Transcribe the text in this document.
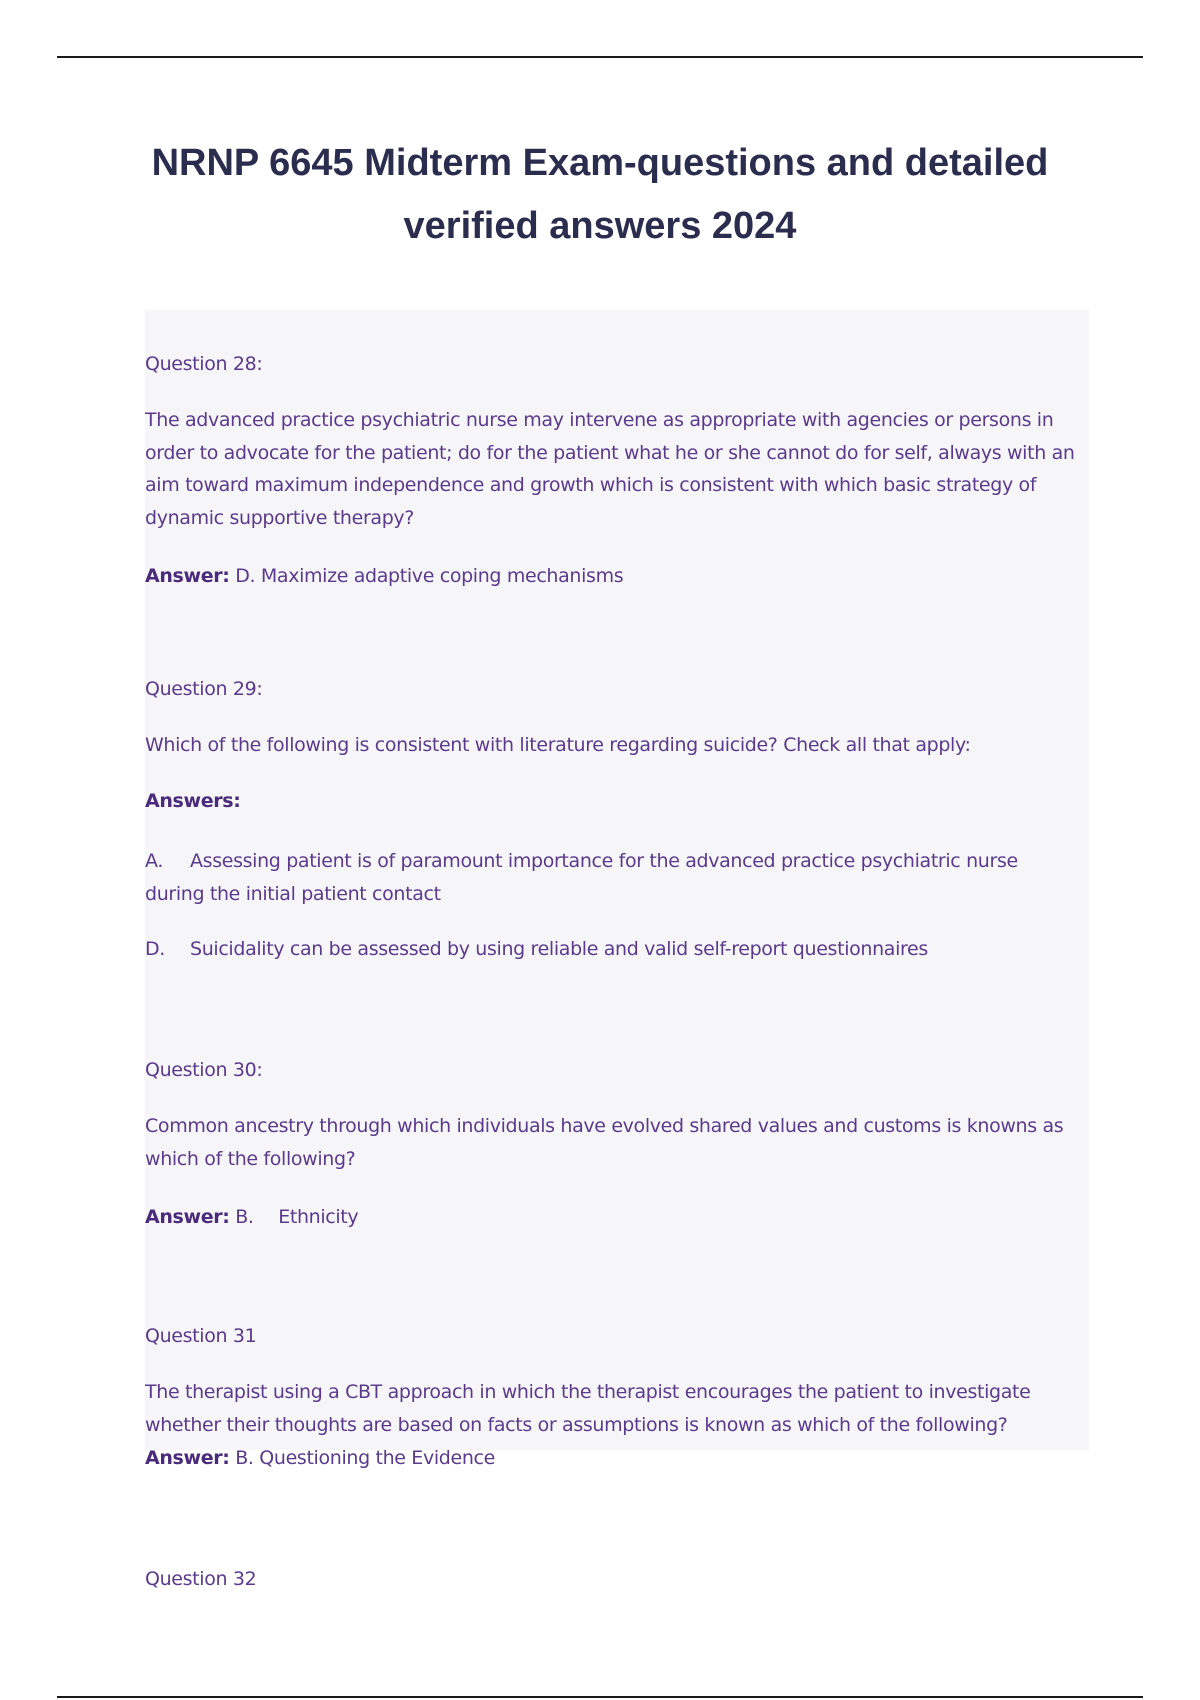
NRNP 6645 Midterm Exam-questions and detailed verified answers 2024

Question 28:

The advanced practice psychiatric nurse may intervene as appropriate with agencies or persons in order to advocate for the patient; do for the patient what he or she cannot do for self, always with an aim toward maximum independence and growth which is consistent with which basic strategy of dynamic supportive therapy?

Answer: D. Maximize adaptive coping mechanisms

Question 29:

Which of the following is consistent with literature regarding suicide? Check all that apply:

Answers:

A. Assessing patient is of paramount importance for the advanced practice psychiatric nurse during the initial patient contact

D. Suicidality can be assessed by using reliable and valid self-report questionnaires

Question 30:

Common ancestry through which individuals have evolved shared values and customs is knowns as which of the following?

Answer: B. Ethnicity

Question 31

The therapist using a CBT approach in which the therapist encourages the patient to investigate whether their thoughts are based on facts or assumptions is known as which of the following?

Answer: B. Questioning the Evidence

Question 32
